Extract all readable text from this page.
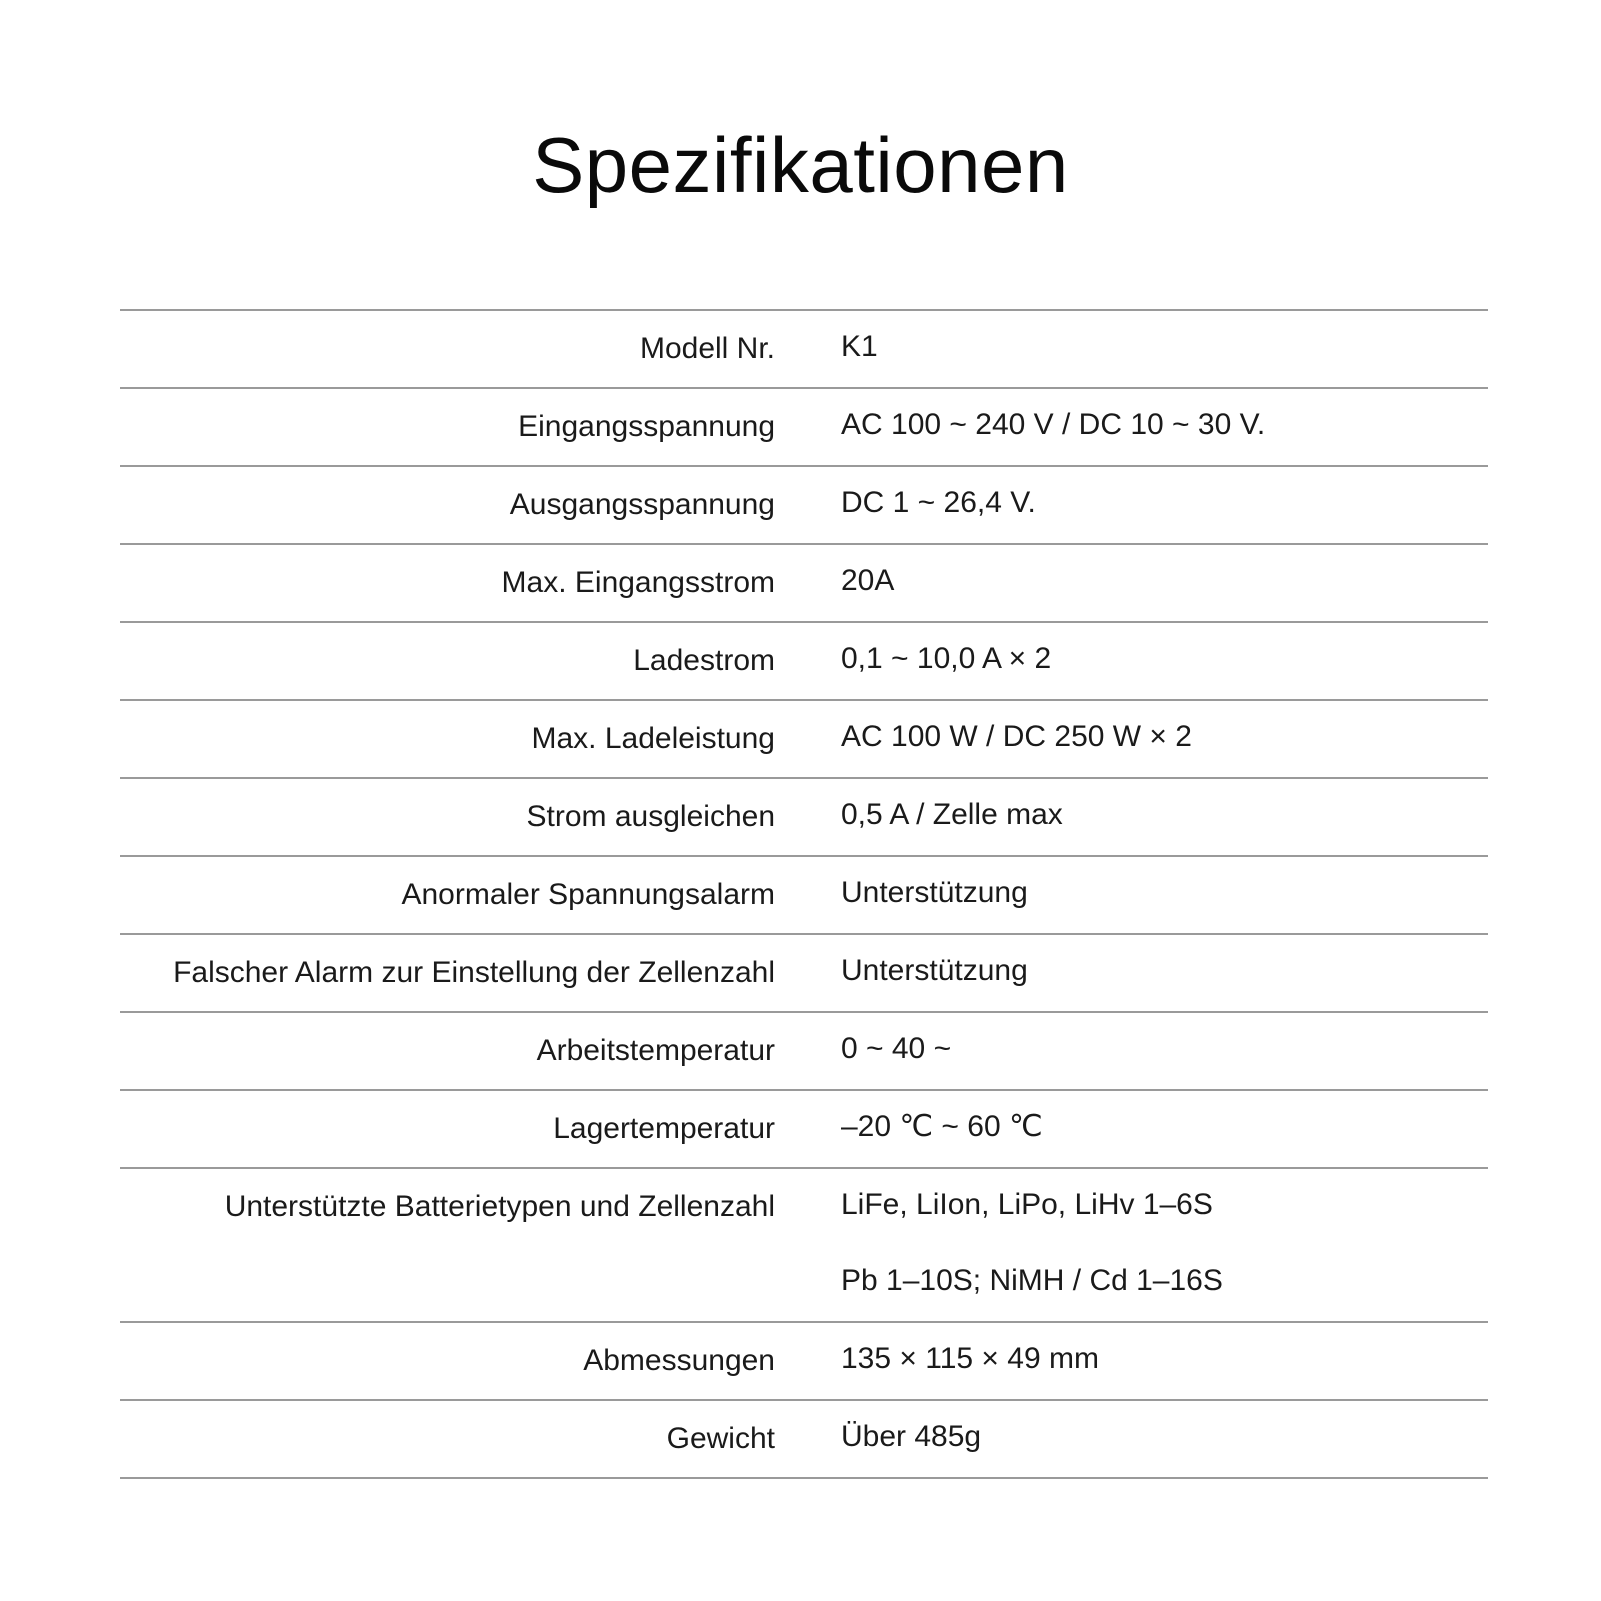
Spezifikationen
Modell Nr. K1
Eingangsspannung AC 100 ~ 240 V / DC 10 ~ 30 V.
Ausgangsspannung DC 1 ~ 26,4 V.
Max. Eingangsstrom 20A
Ladestrom 0,1 ~ 10,0 A × 2
Max. Ladeleistung AC 100 W / DC 250 W × 2
Strom ausgleichen 0,5 A / Zelle max
Anormaler Spannungsalarm Unterstützung
Falscher Alarm zur Einstellung der Zellenzahl Unterstützung
Arbeitstemperatur 0 ~ 40 ~
Lagertemperatur –20 ℃ ~ 60 ℃
Unterstützte Batterietypen und Zellenzahl LiFe, LiIon, LiPo, LiHv 1–6S
Pb 1–10S; NiMH / Cd 1–16S
Abmessungen 135 × 115 × 49 mm
Gewicht Über 485g
